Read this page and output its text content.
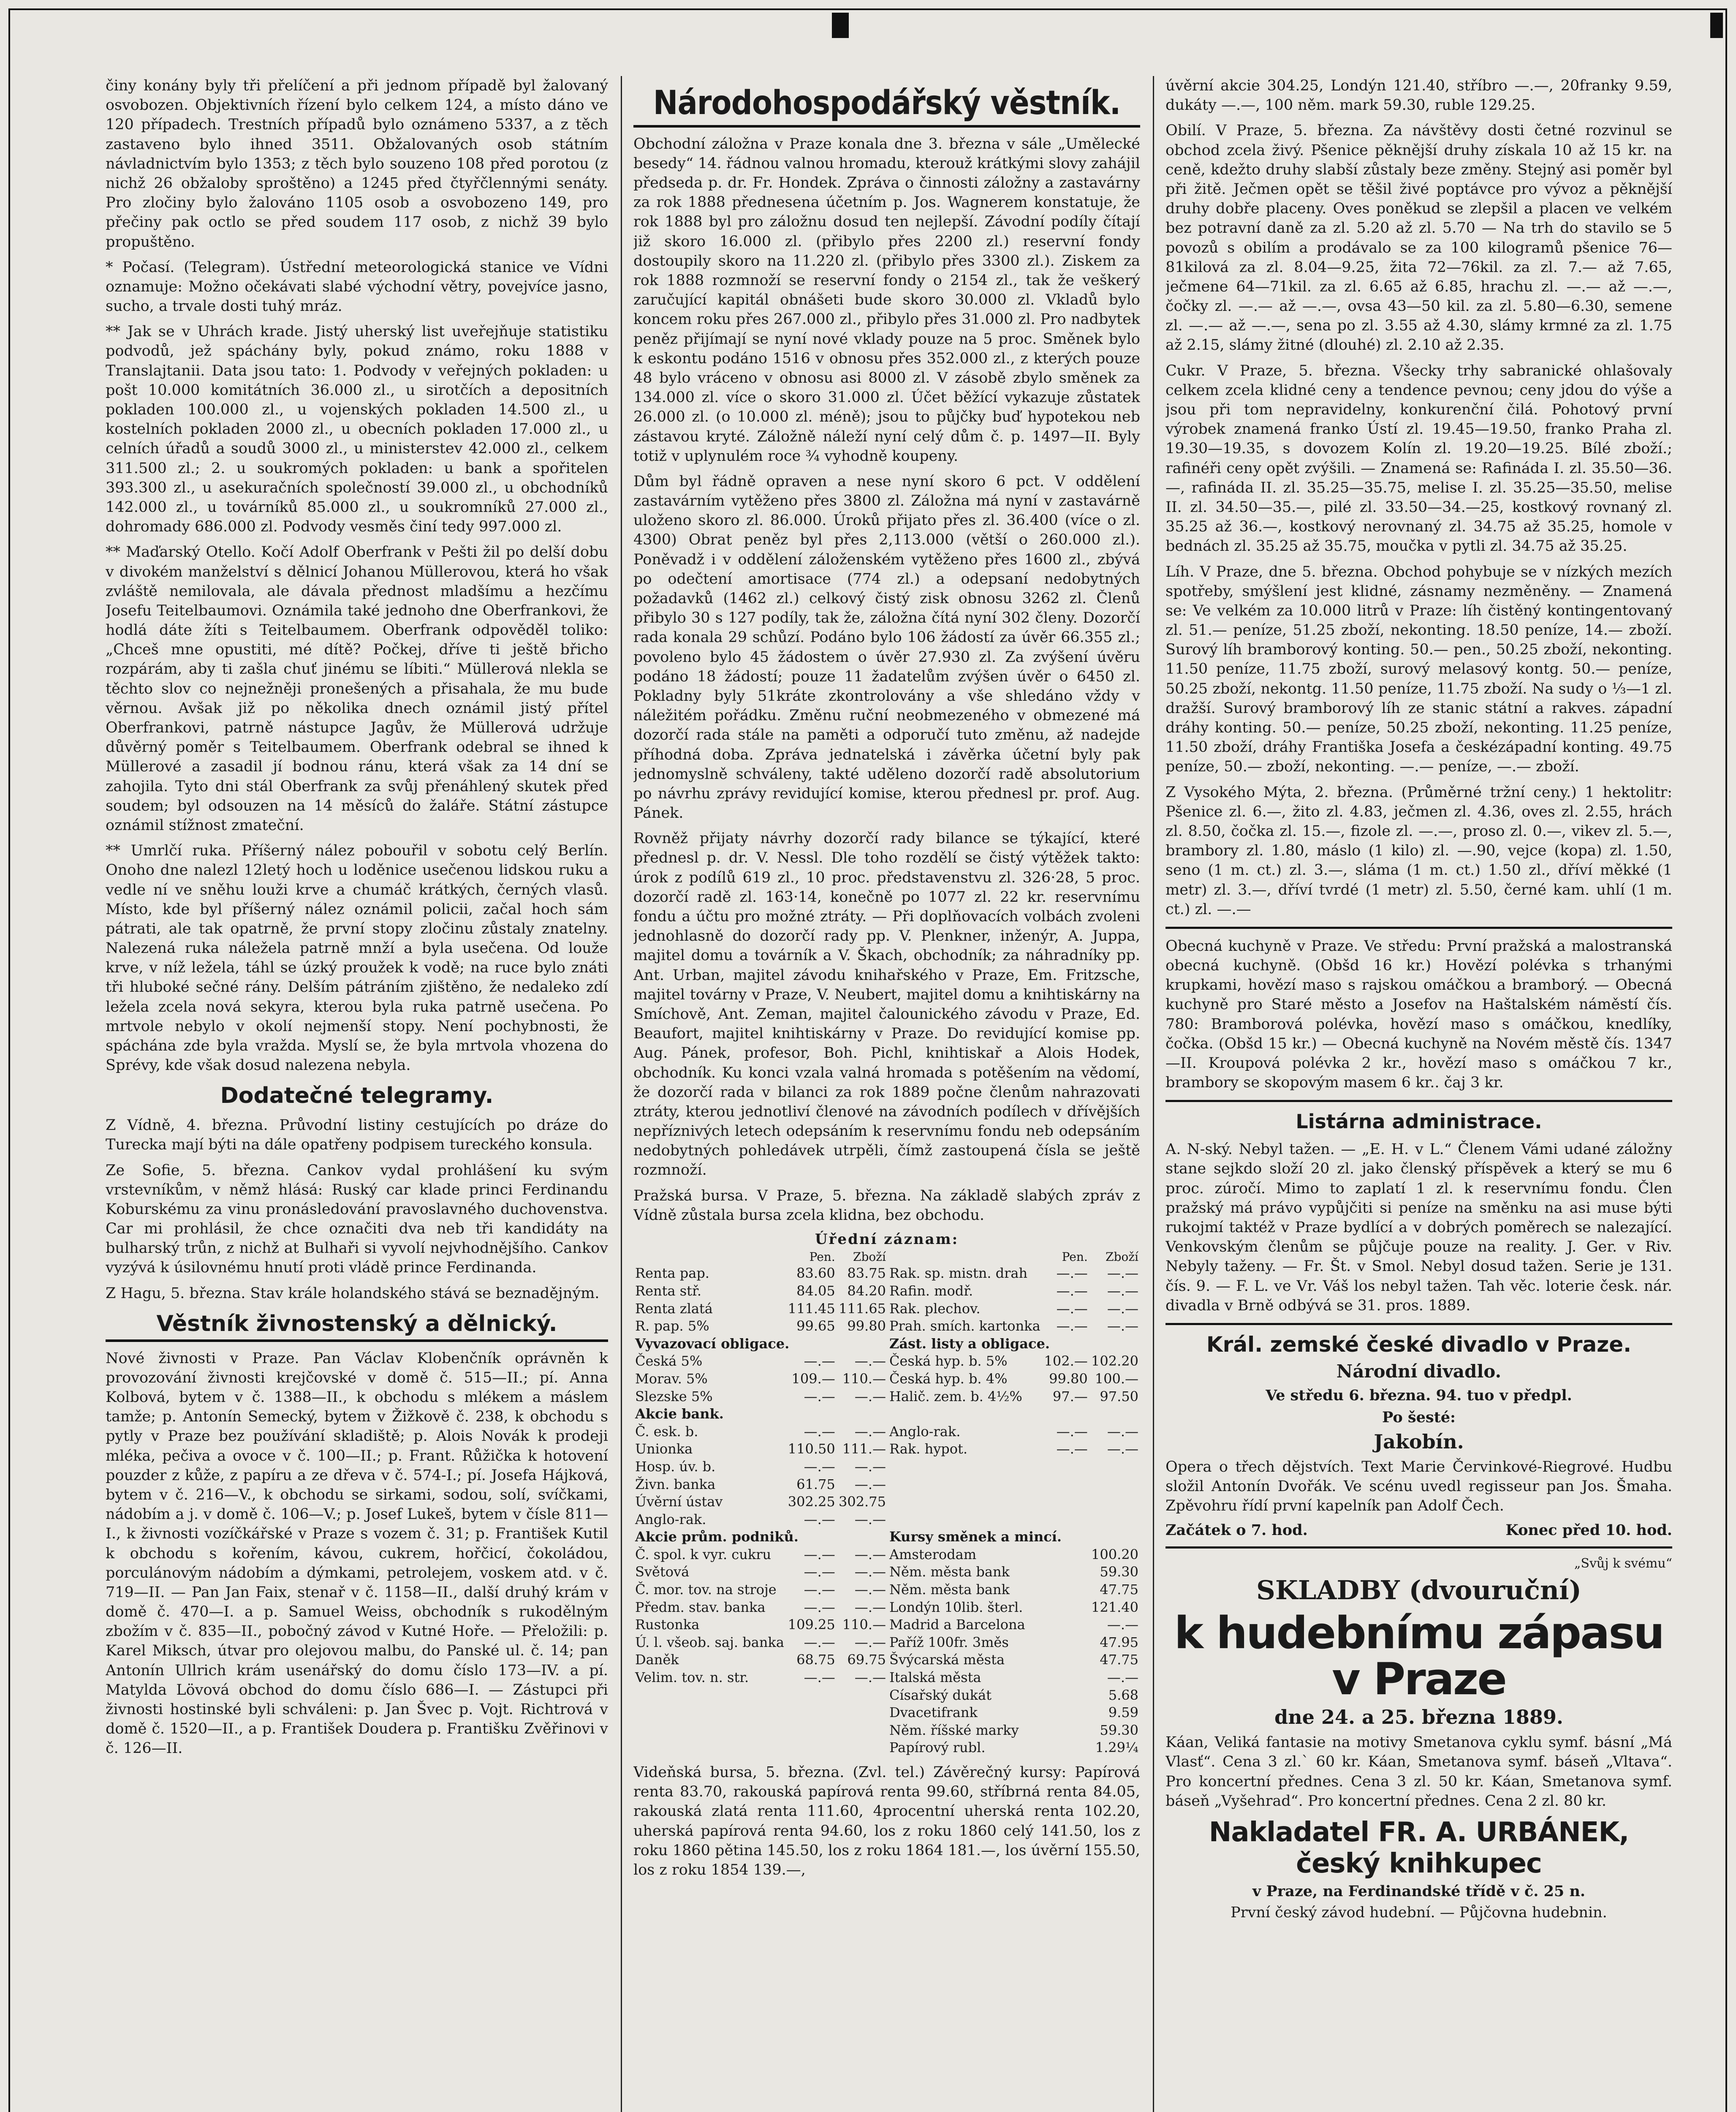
činy konány byly tři přelíčení a při jednom případě byl žalovaný osvobozen. Objektivních řízení bylo celkem 124, a místo dáno ve 120 případech. Trestních případů bylo oznámeno 5337, a z těch zastaveno bylo ihned 3511. Obžalovaných osob státním návladnictvím bylo 1353; z těch bylo souzeno 108 před porotou (z nichž 26 obžaloby sproštěno) a 1245 před čtyřčlennými senáty. Pro zločiny bylo žalováno 1105 osob a osvobozeno 149, pro přečiny pak octlo se před soudem 117 osob, z nichž 39 bylo propuštěno.

* Počasí. (Telegram). Ústřední meteorologická stanice ve Vídni oznamuje: Možno očekávati slabé východní větry, povejvíce jasno, sucho, a trvale dosti tuhý mráz.

** Jak se v Uhrách krade. Jistý uherský list uveřejňuje statistiku podvodů, jež spáchány byly, pokud známo, roku 1888 v Translajtanii. Data jsou tato: 1. Podvody v veřejných pokladen: u pošt 10.000 komitátních 36.000 zl., u sirotčích a depositních pokladen 100.000 zl., u vojenských pokladen 14.500 zl., u kostelních pokladen 2000 zl., u obecních pokladen 17.000 zl., u celních úřadů a soudů 3000 zl., u ministerstev 42.000 zl., celkem 311.500 zl.; 2. u soukromých pokladen: u bank a spořitelen 393.300 zl., u asekuračních společností 39.000 zl., u obchodníků 142.000 zl., u továrníků 85.000 zl., u soukromníků 27.000 zl., dohromady 686.000 zl. Podvody vesměs činí tedy 997.000 zl.

** Maďarský Otello. Kočí Adolf Oberfrank v Pešti žil po delší dobu v divokém manželství s dělnicí Johanou Müllerovou, která ho však zvláště nemilovala, ale dávala přednost mladšímu a hezčímu Josefu Teitelbaumovi. Oznámila také jednoho dne Oberfrankovi, že hodlá dáte žíti s Teitelbaumem. Oberfrank odpověděl toliko: „Chceš mne opustiti, mé dítě? Počkej, dříve ti ještě břicho rozpárám, aby ti zašla chuť jinému se líbiti.“ Müllerová nlekla se těchto slov co nejnežněji pronešených a přisahala, že mu bude věrnou. Avšak již po několika dnech oznámil jistý přítel Oberfrankovi, patrně nástupce Jagův, že Müllerová udržuje důvěrný poměr s Teitelbaumem. Oberfrank odebral se ihned k Müllerové a zasadil jí bodnou ránu, která však za 14 dní se zahojila. Tyto dni stál Oberfrank za svůj přenáhlený skutek před soudem; byl odsouzen na 14 měsíců do žaláře. Státní zástupce oznámil stížnost zmateční.

** Umrlčí ruka. Příšerný nález pobouřil v sobotu celý Berlín. Onoho dne nalezl 12letý hoch u loděnice usečenou lidskou ruku a vedle ní ve sněhu louži krve a chumáč krátkých, černých vlasů. Místo, kde byl příšerný nález oznámil policii, začal hoch sám pátrati, ale tak opatrně, že první stopy zločinu zůstaly znatelny. Nalezená ruka náležela patrně mnží a byla usečena. Od louže krve, v níž ležela, táhl se úzký proužek k vodě; na ruce bylo znáti tři hluboké sečné rány. Delším pátráním zjištěno, že nedaleko zdí ležela zcela nová sekyra, kterou byla ruka patrně usečena. Po mrtvole nebylo v okolí nejmenší stopy. Není pochybnosti, že spáchána zde byla vražda. Myslí se, že byla mrtvola vhozena do Sprévy, kde však dosud nalezena nebyla.

Dodatečné telegramy.

Z Vídně, 4. března. Průvodní listiny cestujících po dráze do Turecka mají býti na dále opatřeny podpisem tureckého konsula.

Ze Sofie, 5. března. Cankov vydal prohlášení ku svým vrstevníkům, v němž hlásá: Ruský car klade princi Ferdinandu Koburskému za vinu pronásledování pravoslavného duchovenstva. Car mi prohlásil, že chce označiti dva neb tři kandidáty na bulharský trůn, z nichž at Bulhaři si vyvolí nejvhodnějšího. Cankov vyzývá k úsilovnému hnutí proti vládě prince Ferdinanda.

Z Hagu, 5. března. Stav krále holandského stává se beznadějným.

Věstník živnostenský a dělnický.

Nové živnosti v Praze. Pan Václav Klobenčník oprávněn k provozování živnosti krejčovské v domě č. 515—II.; pí. Anna Kolbová, bytem v č. 1388—II., k obchodu s mlékem a máslem tamže; p. Antonín Semecký, bytem v Žižkově č. 238, k obchodu s pytly v Praze bez používání skladiště; p. Alois Novák k prodeji mléka, pečiva a ovoce v č. 100—II.; p. Frant. Růžička k hotovení pouzder z kůže, z papíru a ze dřeva v č. 574-I.; pí. Josefa Hájková, bytem v č. 216—V., k obchodu se sirkami, sodou, solí, svíčkami, nádobím a j. v domě č. 106—V.; p. Josef Lukeš, bytem v čísle 811—I., k živnosti vozíčkářské v Praze s vozem č. 31; p. František Kutil k obchodu s kořením, kávou, cukrem, hořčicí, čokoládou, porculánovým nádobím a dýmkami, petrolejem, voskem atd. v č. 719—II. — Pan Jan Faix, stenař v č. 1158—II., další druhý krám v domě č. 470—I. a p. Samuel Weiss, obchodník s rukodělným zbožím v č. 835—II., pobočný závod v Kutné Hoře. — Přeložili: p. Karel Miksch, útvar pro olejovou malbu, do Panské ul. č. 14; pan Antonín Ullrich krám usenářský do domu číslo 173—IV. a pí. Matylda Lövová obchod do domu číslo 686—I. — Zástupci při živnosti hostinské byli schváleni: p. Jan Švec p. Vojt. Richtrová v domě č. 1520—II., a p. František Doudera p. Františku Zvěřinovi v č. 126—II.

Národohospodářský věstník.

Obchodní záložna v Praze konala dne 3. března v sále „Umělecké besedy“ 14. řádnou valnou hromadu, kterouž krátkými slovy zahájil předseda p. dr. Fr. Hondek. Zpráva o činnosti záložny a zastavárny za rok 1888 přednesena účetním p. Jos. Wagnerem konstatuje, že rok 1888 byl pro záložnu dosud ten nejlepší. Závodní podíly čítají již skoro 16.000 zl. (přibylo přes 2200 zl.) reservní fondy dostoupily skoro na 11.220 zl. (přibylo přes 3300 zl.). Ziskem za rok 1888 rozmnoží se reservní fondy o 2154 zl., tak že veškerý zaručující kapitál obnášeti bude skoro 30.000 zl. Vkladů bylo koncem roku přes 267.000 zl., přibylo přes 31.000 zl. Pro nadbytek peněz přijímají se nyní nové vklady pouze na 5 proc. Směnek bylo k eskontu podáno 1516 v obnosu přes 352.000 zl., z kterých pouze 48 bylo vráceno v obnosu asi 8000 zl. V zásobě zbylo směnek za 134.000 zl. více o skoro 31.000 zl. Účet běžící vykazuje zůstatek 26.000 zl. (o 10.000 zl. méně); jsou to půjčky buď hypotekou neb zástavou kryté. Záložně náleží nyní celý dům č. p. 1497—II. Byly totiž v uplynulém roce ¾ vyhodně koupeny.

Dům byl řádně opraven a nese nyní skoro 6 pct. V oddělení zastavárním vytěženo přes 3800 zl. Záložna má nyní v zastavárně uloženo skoro zl. 86.000. Úroků přijato přes zl. 36.400 (více o zl. 4300) Obrat peněz byl přes 2,113.000 (větší o 260.000 zl.). Poněvadž i v oddělení záloženském vytěženo přes 1600 zl., zbývá po odečtení amortisace (774 zl.) a odepsaní nedobytných požadavků (1462 zl.) celkový čistý zisk obnosu 3262 zl. Členů přibylo 30 s 127 podíly, tak že, záložna čítá nyní 302 členy. Dozorčí rada konala 29 schůzí. Podáno bylo 106 žádostí za úvěr 66.355 zl.; povoleno bylo 45 žádostem o úvěr 27.930 zl. Za zvýšení úvěru podáno 18 žádostí; pouze 11 žadatelům zvýšen úvěr o 6450 zl. Pokladny byly 51kráte zkontrolovány a vše shledáno vždy v náležitém pořádku. Změnu ruční neobmezeného v obmezené má dozorčí rada stále na paměti a odporučí tuto změnu, až nadejde příhodná doba. Zpráva jednatelská i závěrka účetní byly pak jednomyslně schváleny, takté uděleno dozorčí radě absolutorium po návrhu zprávy revidující komise, kterou přednesl pr. prof. Aug. Pánek.

Rovněž přijaty návrhy dozorčí rady bilance se týkající, které přednesl p. dr. V. Nessl. Dle toho rozdělí se čistý výtěžek takto: úrok z podílů 619 zl., 10 proc. představenstvu zl. 326·28, 5 proc. dozorčí radě zl. 163·14, konečně po 1077 zl. 22 kr. reservnímu fondu a účtu pro možné ztráty. — Při doplňovacích volbách zvoleni jednohlasně do dozorčí rady pp. V. Plenkner, inženýr, A. Juppa, majitel domu a továrník a V. Škach, obchodník; za náhradníky pp. Ant. Urban, majitel závodu knihařského v Praze, Em. Fritzsche, majitel továrny v Praze, V. Neubert, majitel domu a knihtiskárny na Smíchově, Ant. Zeman, majitel čalounického závodu v Praze, Ed. Beaufort, majitel knihtiskárny v Praze. Do revidující komise pp. Aug. Pánek, profesor, Boh. Pichl, knihtiskař a Alois Hodek, obchodník. Ku konci vzala valná hromada s potěšením na vědomí, že dozorčí rada v bilanci za rok 1889 počne členům nahrazovati ztráty, kterou jednotliví členové na závodních podílech v dřívějších nepříznivých letech odepsáním k reservnímu fondu neb odepsáním nedobytných pohledávek utrpěli, čímž zastoupená čísla se ještě rozmnoží.

Pražská bursa. V Praze, 5. března. Na základě slabých zpráv z Vídně zůstala bursa zcela klidna, bez obchodu.

Úřední záznam:
	Pen.	Zboží		Pen.	Zboží
Renta pap.	83.60	83.75	Rak. sp. mistn. drah	—.—	—.—
Renta stř.	84.05	84.20	Rafin. modř.	—.—	—.—
Renta zlatá	111.45	111.65	Rak. plechov.	—.—	—.—
R. pap. 5%	99.65	99.80	Prah. smích. kartonka	—.—	—.—
Vyvazovací obligace.			Zást. listy a obligace.		
Česká 5%	—.—	—.—	Česká hyp. b. 5%	102.—	102.20
Morav. 5%	109.—	110.—	Česká hyp. b. 4%	99.80	100.—
Slezske 5%	—.—	—.—	Halič. zem. b. 4½%	97.—	97.50
Akcie bank.					
Č. esk. b.	—.—	—.—	Anglo-rak.	—.—	—.—
Unionka	110.50	111.—	Rak. hypot.	—.—	—.—
Hosp. úv. b.	—.—	—.—			
Živn. banka	61.75	—.—			
Úvěrní ústav	302.25	302.75			
Anglo-rak.	—.—	—.—			
Akcie prům. podniků.			Kursy směnek a mincí.		
Č. spol. k vyr. cukru	—.—	—.—	Amsterodam	100.20	
Světová	—.—	—.—	Něm. města bank	59.30	
Č. mor. tov. na stroje	—.—	—.—	Něm. města bank	47.75	
Předm. stav. banka	—.—	—.—	Londýn 10lib. šterl.	121.40	
Rustonka	109.25	110.—	Madrid a Barcelona	—.—	
Ú. l. všeob. saj. banka	—.—	—.—	Paříž 100fr. 3měs	47.95	
Daněk	68.75	69.75	Švýcarská města	47.75	
Velim. tov. n. str.	—.—	—.—	Italská města	—.—	
			Císařský dukát	5.68	
			Dvacetifrank	9.59	
			Něm. říšské marky	59.30	
			Papírový rubl.	1.29¼	

Videňská bursa, 5. března. (Zvl. tel.) Závěrečný kursy: Papírová renta 83.70, rakouská papírová renta 99.60, stříbrná renta 84.05, rakouská zlatá renta 111.60, 4procentní uherská renta 102.20, uherská papírová renta 94.60, los z roku 1860 celý 141.50, los z roku 1860 pětina 145.50, los z roku 1864 181.—, los úvěrní 155.50, los z roku 1854 139.—,

úvěrní akcie 304.25, Londýn 121.40, stříbro —.—, 20franky 9.59, dukáty —.—, 100 něm. mark 59.30, ruble 129.25.

Obilí. V Praze, 5. března. Za návštěvy dosti četné rozvinul se obchod zcela živý. Pšenice pěknější druhy získala 10 až 15 kr. na ceně, kdežto druhy slabší zůstaly beze změny. Stejný asi poměr byl při žitě. Ječmen opět se těšil živé poptávce pro vývoz a pěknější druhy dobře placeny. Oves poněkud se zlepšil a placen ve velkém bez potravní daně za zl. 5.20 až zl. 5.70 — Na trh do stavilo se 5 povozů s obilím a prodávalo se za 100 kilogramů pšenice 76—81kilová za zl. 8.04—9.25, žita 72—76kil. za zl. 7.— až 7.65, ječmene 64—71kil. za zl. 6.65 až 6.85, hrachu zl. —.— až —.—, čočky zl. —.— až —.—, ovsa 43—50 kil. za zl. 5.80—6.30, semene zl. —.— až —.—, sena po zl. 3.55 až 4.30, slámy krmné za zl. 1.75 až 2.15, slámy žitné (dlouhé) zl. 2.10 až 2.35.

Cukr. V Praze, 5. března. Všecky trhy sabranické ohlašovaly celkem zcela klidné ceny a tendence pevnou; ceny jdou do výše a jsou při tom nepravidelny, konkurenční čilá. Pohotový první výrobek znamená franko Ústí zl. 19.45—19.50, franko Praha zl. 19.30—19.35, s dovozem Kolín zl. 19.20—19.25. Bílé zboží.; rafinéři ceny opět zvýšili. — Znamená se: Rafináda I. zl. 35.50—36.—, rafináda II. zl. 35.25—35.75, melise I. zl. 35.25—35.50, melise II. zl. 34.50—35.—, pilé zl. 33.50—34.—25, kostkový rovnaný zl. 35.25 až 36.—, kostkový nerovnaný zl. 34.75 až 35.25, homole v bednách zl. 35.25 až 35.75, moučka v pytli zl. 34.75 až 35.25.

Líh. V Praze, dne 5. března. Obchod pohybuje se v nízkých mezích spotřeby, smýšlení jest klidné, zásnamy nezměněny. — Znamená se: Ve velkém za 10.000 litrů v Praze: líh čistěný kontingentovaný zl. 51.— peníze, 51.25 zboží, nekonting. 18.50 peníze, 14.— zboží. Surový líh bramborový konting. 50.— pen., 50.25 zboží, nekonting. 11.50 peníze, 11.75 zboží, surový melasový kontg. 50.— peníze, 50.25 zboží, nekontg. 11.50 peníze, 11.75 zboží. Na sudy o ⅓—1 zl. dražší. Surový bramborový líh ze stanic státní a rakves. západní dráhy konting. 50.— peníze, 50.25 zboží, nekonting. 11.25 peníze, 11.50 zboží, dráhy Františka Josefa a českézápadní konting. 49.75 peníze, 50.— zboží, nekonting. —.— peníze, —.— zboží.

Z Vysokého Mýta, 2. března. (Průměrné tržní ceny.) 1 hektolitr: Pšenice zl. 6.—, žito zl. 4.83, ječmen zl. 4.36, oves zl. 2.55, hrách zl. 8.50, čočka zl. 15.—, fizole zl. —.—, proso zl. 0.—, vikev zl. 5.—, brambory zl. 1.80, máslo (1 kilo) zl. —.90, vejce (kopa) zl. 1.50, seno (1 m. ct.) zl. 3.—, sláma (1 m. ct.) 1.50 zl., dříví měkké (1 metr) zl. 3.—, dříví tvrdé (1 metr) zl. 5.50, černé kam. uhlí (1 m. ct.) zl. —.—

Obecná kuchyně v Praze. Ve středu: První pražská a malostranská obecná kuchyně. (Obšd 16 kr.) Hovězí polévka s trhanými krupkami, hovězí maso s rajskou omáčkou a bramborý. — Obecná kuchyně pro Staré město a Josefov na Haštalském náměstí čís. 780: Bramborová polévka, hovězí maso s omáčkou, knedlíky, čočka. (Obšd 15 kr.) — Obecná kuchyně na Novém městě čís. 1347—II. Kroupová polévka 2 kr., hovězí maso s omáčkou 7 kr., brambory se skopovým masem 6 kr.. čaj 3 kr.

Listárna administrace.

A. N-ský. Nebyl tažen. — „E. H. v L.“ Členem Vámi udané záložny stane sejkdo složí 20 zl. jako členský příspěvek a který se mu 6 proc. zúročí. Mimo to zaplatí 1 zl. k reservnímu fondu. Člen pražský má právo vypůjčiti si peníze na směnku na asi muse býti rukojmí taktéž v Praze bydlící a v dobrých poměrech se nalezající. Venkovským členům se půjčuje pouze na reality. J. Ger. v Riv. Nebyly taženy. — Fr. Št. v Smol. Nebyl dosud tažen. Serie je 131. čís. 9. — F. L. ve Vr. Váš los nebyl tažen. Tah věc. loterie česk. nár. divadla v Brně odbývá se 31. pros. 1889.

Král. zemské české divadlo v Praze.
Národní divadlo.
Ve středu 6. března. 94. tuo v předpl.
Po šesté:
Jakobín.

Opera o třech dějstvích. Text Marie Červinkové-Riegrové. Hudbu složil Antonín Dvořák. Ve scénu uvedl regisseur pan Jos. Šmaha. Zpěvohru řídí první kapelník pan Adolf Čech.

Začátek o 7. hod.	Konec před 10. hod.
„Svůj k svému“
SKLADBY (dvouruční)
k hudebnímu zápasu v Praze
dne 24. a 25. března 1889.

Káan, Veliká fantasie na motivy Smetanova cyklu symf. básní „Má Vlasť“. Cena 3 zl.` 60 kr. Káan, Smetanova symf. báseň „Vltava“. Pro koncertní přednes. Cena 3 zl. 50 kr. Káan, Smetanova symf. báseň „Vyšehrad“. Pro koncertní přednes. Cena 2 zl. 80 kr.

Nakladatel FR. A. URBÁNEK, český knihkupec
v Praze, na Ferdinandské třídě v č. 25 n.
První český závod hudební. — Půjčovna hudebnin.
